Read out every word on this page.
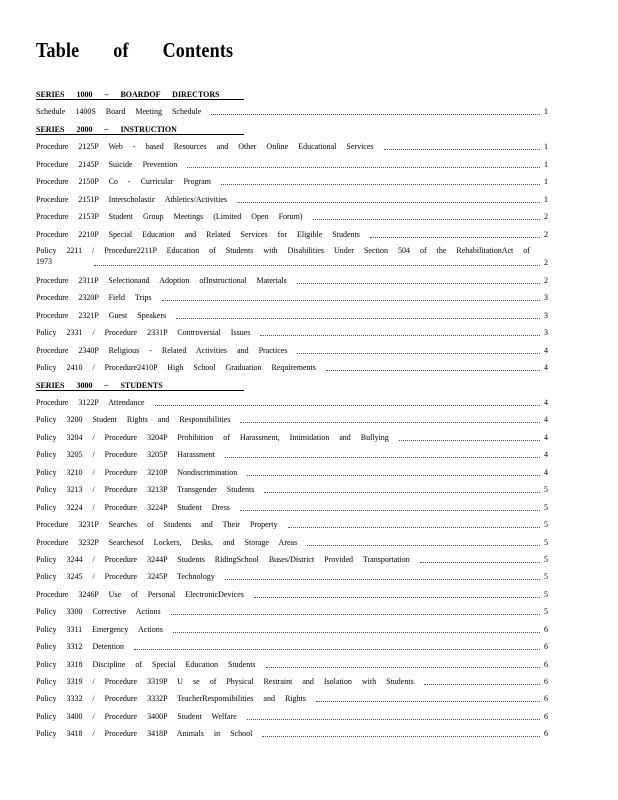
Table of Contents
SERIES 1000 – BOARDOF DIRECTORS
Schedule 1400S Board Meeting Schedule	1
SERIES 2000 – INSTRUCTION
Procedure 2125P Web - based Resources and Other Online Educational Services	1
Procedure 2145P Suicide Prevention	1
Procedure 2150P Co - Curricular Program	1
Procedure 2151P Interscholastic Athletics/Activities	1
Procedure 2153P Student Group Meetings (Limited Open Forum)	2
Procedure 2210P Special Education and Related Services for Eligible Students	2
Policy 2211 / Procedure2211P Education of Students with Disabilities Under Section 504 of the RehabilitationAct of 1973	2
Procedure 2311P Selectionand Adoption ofInstructional Materials	2
Procedure 2320P Field Trips	3
Procedure 2321P Guest Speakers	3
Policy 2331 / Procedure 2331P Controversial Issues	3
Procedure 2340P Religious - Related Activities and Practices	4
Policy 2410 / Procedure2410P High School Graduation Requirements	4
SERIES 3000 – STUDENTS
Procedure 3122P Attendance	4
Policy 3200 Student Rights and Responsibilities	4
Policy 3204 / Procedure 3204P Prohibition of Harassment, Intimidation and Bullying	4
Policy 3205 / Procedure 3205P Harassment	4
Policy 3210 / Procedure 3210P Nondiscrimination	4
Policy 3213 / Procedure 3213P Transgender Students	5
Policy 3224 / Procedure 3224P Student Dress	5
Procedure 3231P Searches of Students and Their Property	5
Procedure 3232P Searchesof Lockers, Desks, and Storage Areas	5
Policy 3244 / Procedure 3244P Students RidingSchool Buses/District Provided Transportation	5
Policy 3245 / Procedure 3245P Technology	5
Procedure 3246P Use of Personal ElectronicDevices	5
Policy 3300 Corrective Actions	5
Policy 3311 Emergency Actions	6
Policy 3312 Detention	6
Policy 3318 Discipline of Special Education Students	6
Policy 3319 / Procedure 3319P U se of Physical Restraint and Isolation with Students	6
Policy 3332 / Procedure 3332P TeacherResponsibilities and Rights	6
Policy 3400 / Procedure 3400P Student Welfare	6
Policy 3418 / Procedure 3418P Animals in School	6
